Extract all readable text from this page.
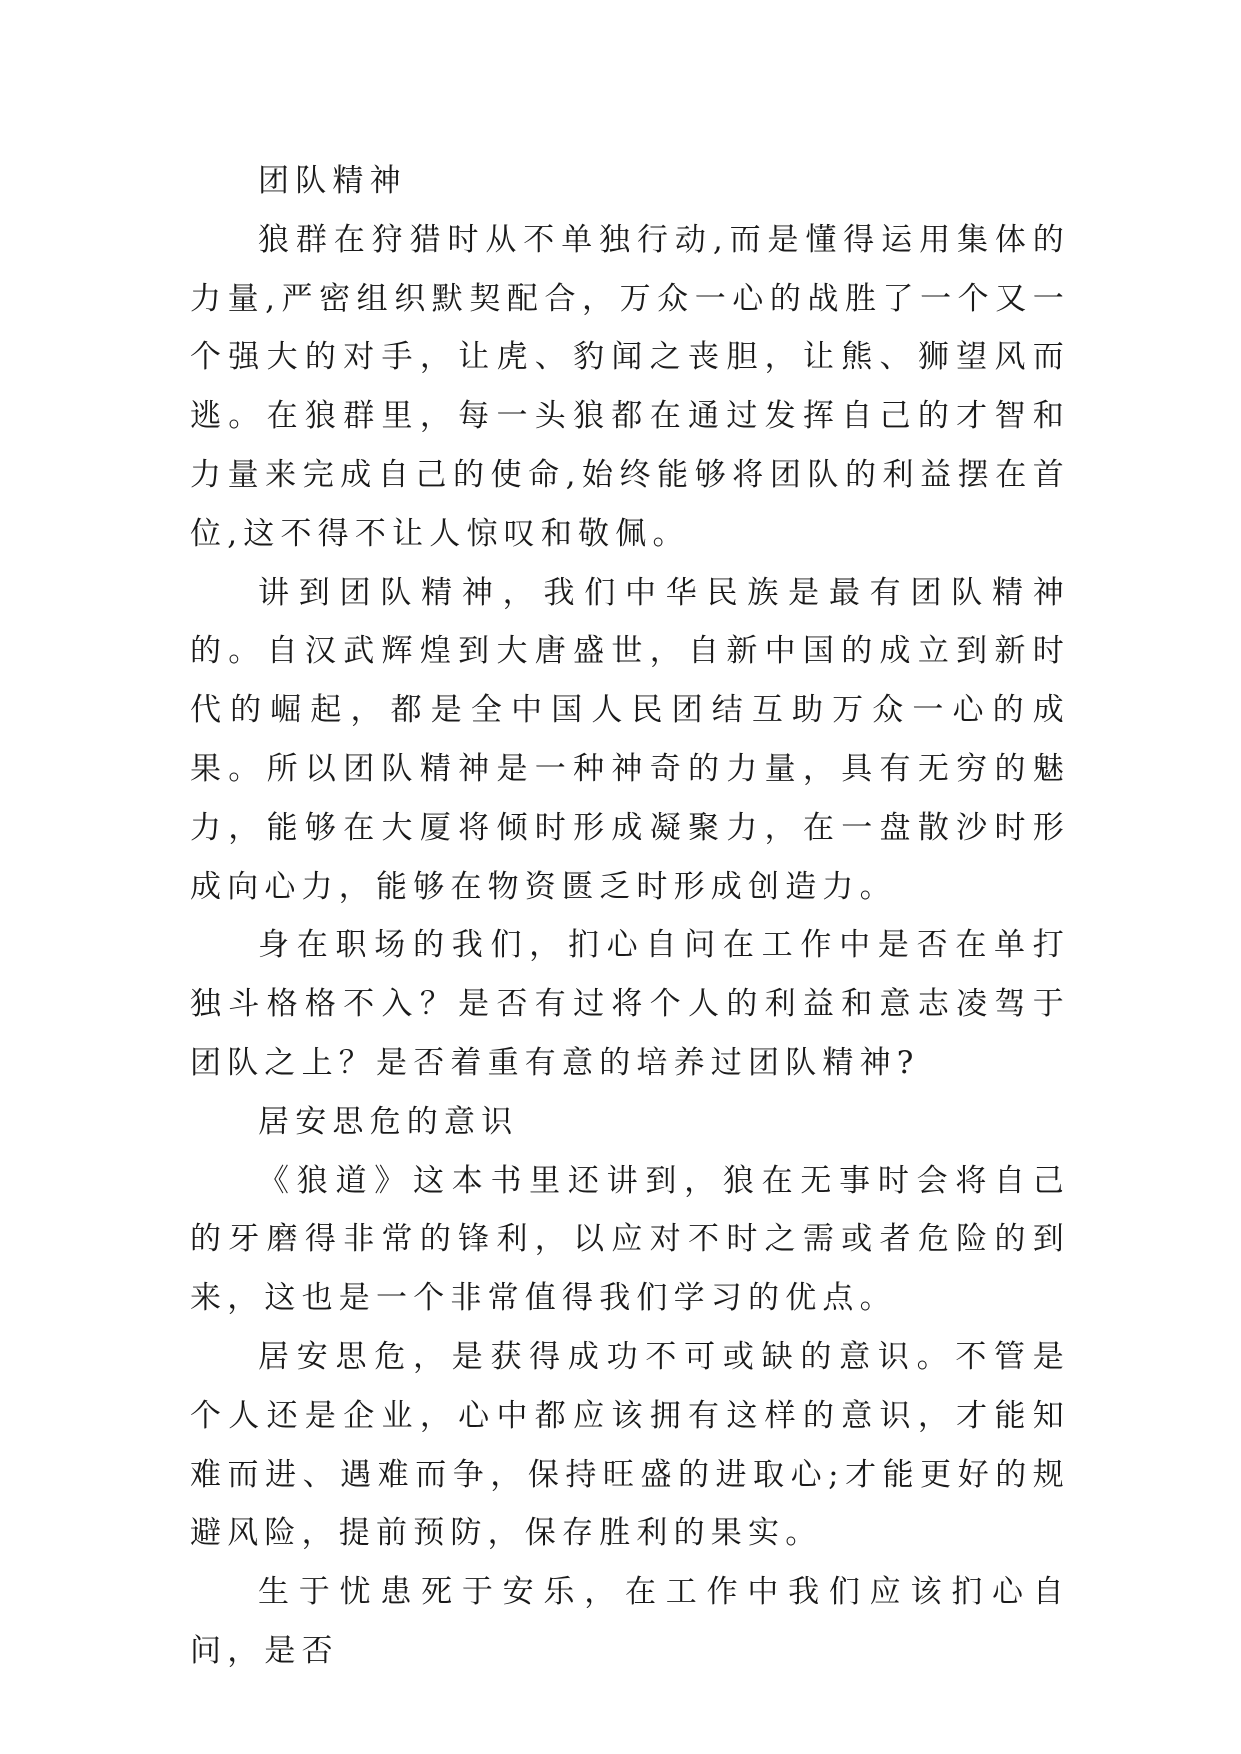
团队精神

狼群在狩猎时从不单独行动,而是懂得运用集体的力量,严密组织默契配合，万众一心的战胜了一个又一个强大的对手，让虎、豹闻之丧胆，让熊、狮望风而逃。在狼群里，每一头狼都在通过发挥自己的才智和力量来完成自己的使命,始终能够将团队的利益摆在首位,这不得不让人惊叹和敬佩。

讲到团队精神，我们中华民族是最有团队精神的。自汉武辉煌到大唐盛世，自新中国的成立到新时代的崛起，都是全中国人民团结互助万众一心的成果。所以团队精神是一种神奇的力量，具有无穷的魅力，能够在大厦将倾时形成凝聚力，在一盘散沙时形成向心力，能够在物资匮乏时形成创造力。

身在职场的我们，扪心自问在工作中是否在单打独斗格格不入？是否有过将个人的利益和意志凌驾于团队之上？是否着重有意的培养过团队精神?

居安思危的意识

《狼道》这本书里还讲到，狼在无事时会将自己的牙磨得非常的锋利，以应对不时之需或者危险的到来，这也是一个非常值得我们学习的优点。

居安思危，是获得成功不可或缺的意识。不管是个人还是企业，心中都应该拥有这样的意识，才能知难而进、遇难而争，保持旺盛的进取心;才能更好的规避风险，提前预防，保存胜利的果实。

生于忧患死于安乐，在工作中我们应该扪心自问，是否
